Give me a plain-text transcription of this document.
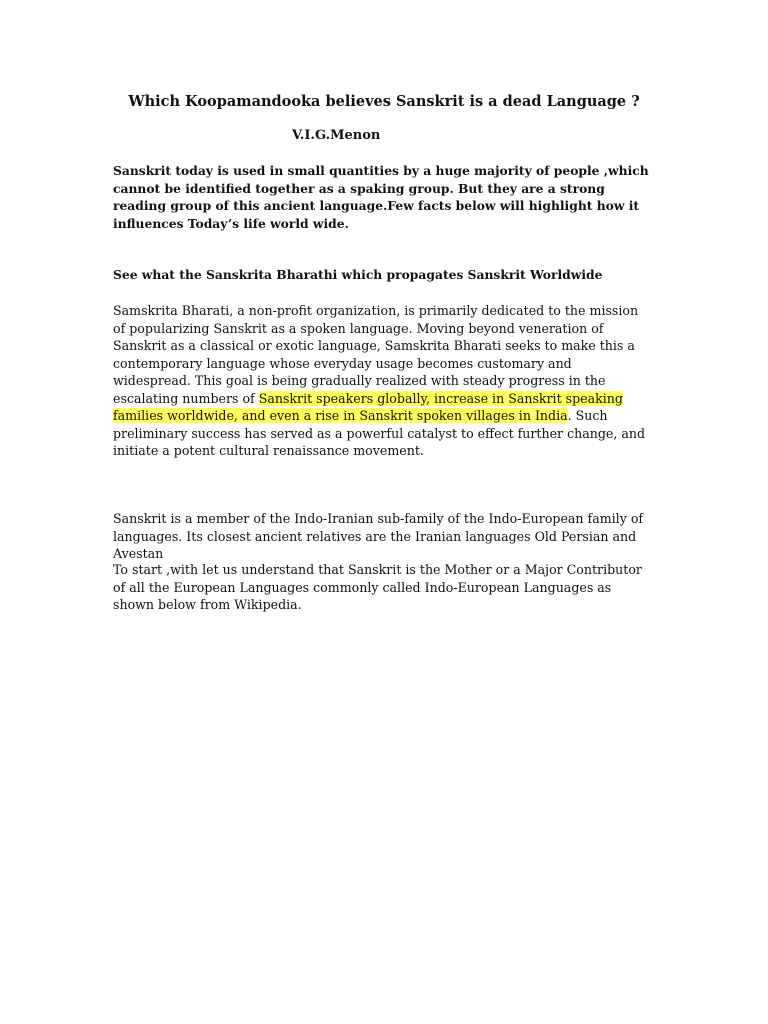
Which Koopamandooka believes Sanskrit is a dead Language ?

V.I.G.Menon

Sanskrit today is used in small quantities by a huge majority of people ,which cannot be identified together as a spaking group. But they are a strong reading group of this ancient language.Few facts below will highlight how it influences Today’s life world wide.

See what the Sanskrita Bharathi which propagates Sanskrit Worldwide

Samskrita Bharati, a non-profit organization, is primarily dedicated to the mission of popularizing Sanskrit as a spoken language. Moving beyond veneration of Sanskrit as a classical or exotic language, Samskrita Bharati seeks to make this a contemporary language whose everyday usage becomes customary and widespread. This goal is being gradually realized with steady progress in the escalating numbers of Sanskrit speakers globally, increase in Sanskrit speaking families worldwide, and even a rise in Sanskrit spoken villages in India. Such preliminary success has served as a powerful catalyst to effect further change, and initiate a potent cultural renaissance movement.

Sanskrit is a member of the Indo-Iranian sub-family of the Indo-European family of languages. Its closest ancient relatives are the Iranian languages Old Persian and Avestan

To start ,with let us understand that Sanskrit is the Mother or a Major Contributor of all the European Languages commonly called Indo-European Languages as shown below from Wikipedia.
